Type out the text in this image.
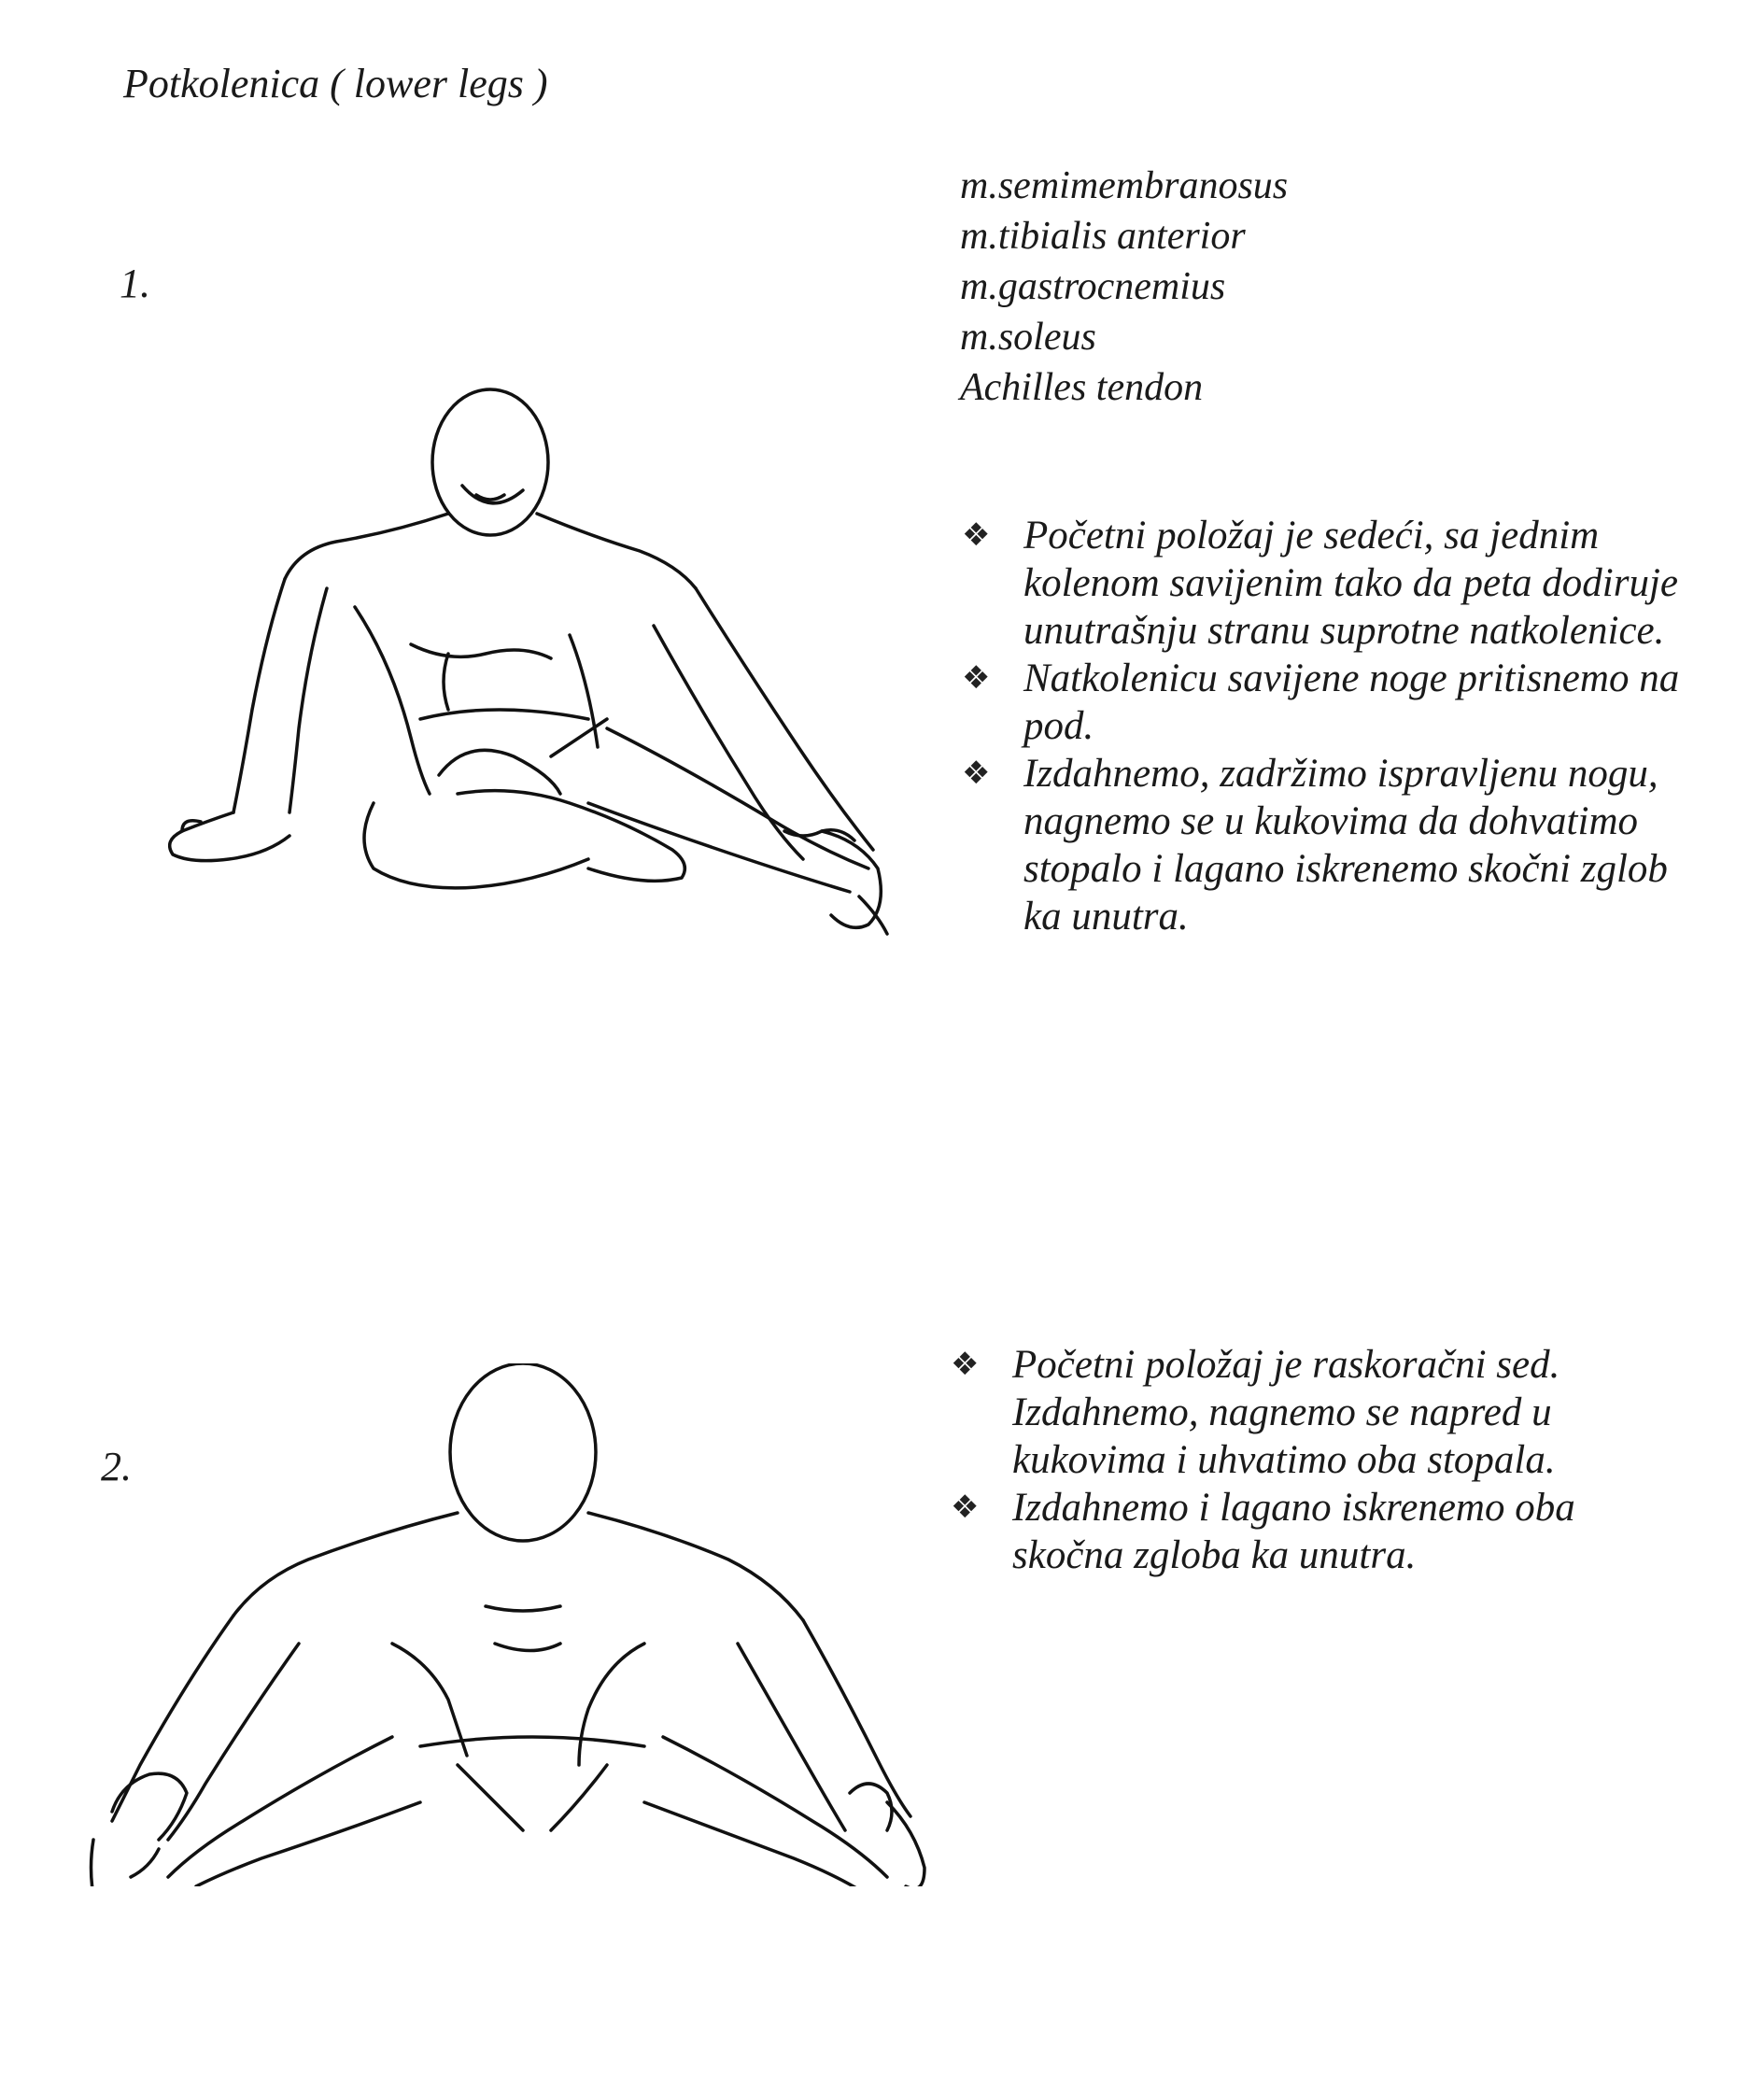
Potkolenica ( lower legs )
1.
m.semimembranosus
m.tibialis anterior
m.gastrocnemius
m.soleus
Achilles tendon
❖ Početni položaj je sedeći, sa jednim kolenom savijenim tako da peta dodiruje unutrašnju stranu suprotne natkolenice.
❖ Natkolenicu savijene noge pritisnemo na pod.
❖ Izdahnemo, zadržimo ispravljenu nogu, nagnemo se u kukovima da dohvatimo stopalo i lagano iskrenemo skočni zglob ka unutra.
2.
❖ Početni položaj je raskoračni sed. Izdahnemo, nagnemo se napred u kukovima i uhvatimo oba stopala.
❖ Izdahnemo i lagano iskrenemo oba skočna zgloba ka unutra.
